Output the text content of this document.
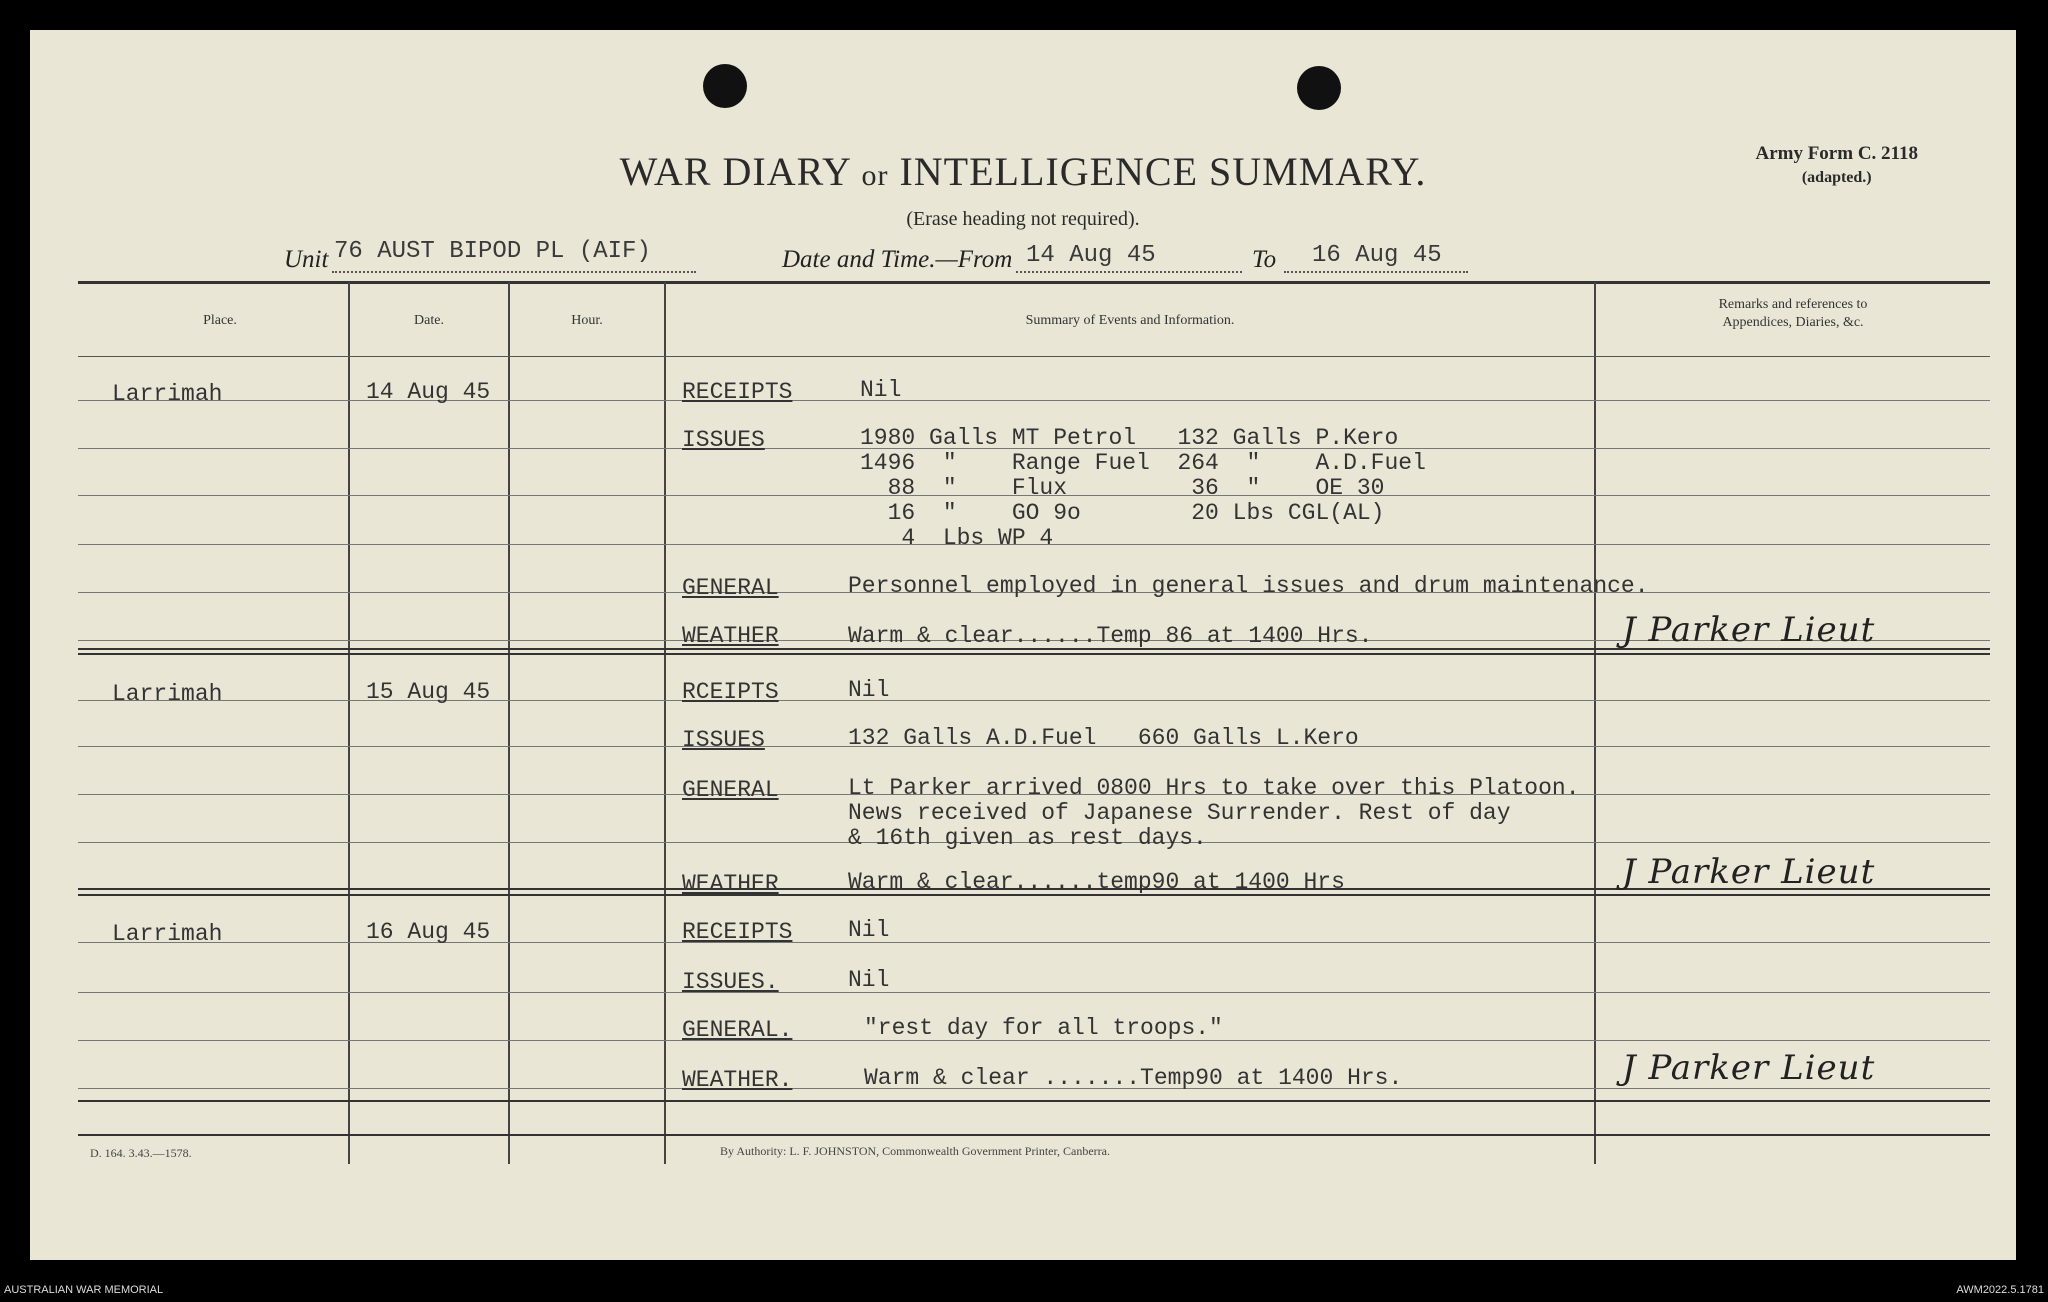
WAR DIARY or INTELLIGENCE SUMMARY.
(Erase heading not required).
Army Form C. 2118
(adapted.)
Unit 76 AUST BIPOD PL (AIF)	Date and Time.—From 14 Aug 45	To 16 Aug 45
Place.	Date.	Hour.	Summary of Events and Information.
Remarks and references to
Appendices, Diaries, &c.
Larrimah	14 Aug 45	RECEIPTS	Nil
ISSUES	1980 Galls MT Petrol   132 Galls P.Kero
1496  "    Range Fuel  264  "    A.D.Fuel
88  "    Flux         36  "    OE 30
16  "    GO 9o        20 Lbs CGL(AL)
4  Lbs WP 4
GENERAL	Personnel employed in general issues and drum maintenance.
WEATHER	Warm & clear......Temp 86 at 1400 Hrs.	J Parker Lieut
Larrimah	15 Aug 45	RCEIPTS	Nil
ISSUES	132 Galls A.D.Fuel   660 Galls L.Kero
GENERAL	Lt Parker arrived 0800 Hrs to take over this Platoon.
News received of Japanese Surrender. Rest of day
& 16th given as rest days.
WEATHER	Warm & clear......temp90 at 1400 Hrs	J Parker Lieut
Larrimah	16 Aug 45	RECEIPTS Nil
ISSUES.	Nil
GENERAL.	"rest day for all troops."
WEATHER.	Warm & clear .......Temp90 at 1400 Hrs.	J Parker Lieut
D. 164. 3.43.—1578.	By Authority: L. F. JOHNSTON, Commonwealth Government Printer, Canberra.
AUSTRALIAN WAR MEMORIAL	AWM2022.5.1781
